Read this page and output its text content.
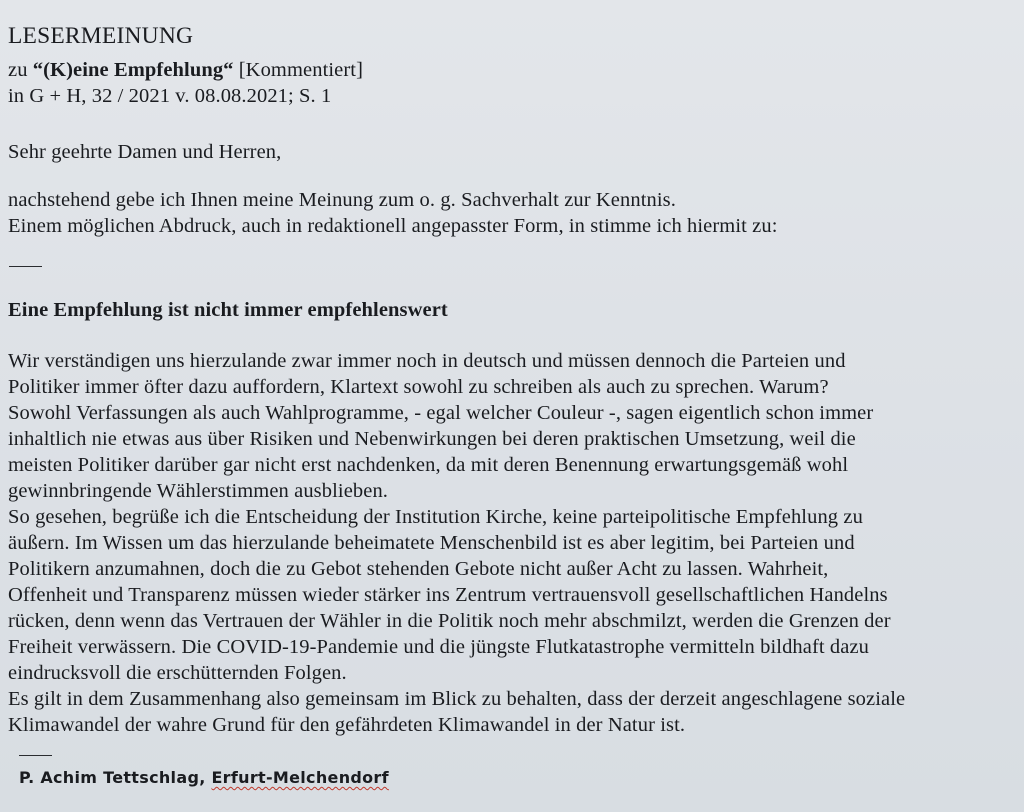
LESERMEINUNG
zu “(K)eine Empfehlung“ [Kommentiert]
in G + H, 32 / 2021 v. 08.08.2021; S. 1
Sehr geehrte Damen und Herren,
nachstehend gebe ich Ihnen meine Meinung zum o. g. Sachverhalt zur Kenntnis.
Einem möglichen Abdruck, auch in redaktionell angepasster Form, in stimme ich hiermit zu:
Eine Empfehlung ist nicht immer empfehlenswert
Wir verständigen uns hierzulande zwar immer noch in deutsch und müssen dennoch die Parteien und
Politiker immer öfter dazu auffordern, Klartext sowohl zu schreiben als auch zu sprechen. Warum?
Sowohl Verfassungen als auch Wahlprogramme, - egal welcher Couleur -, sagen eigentlich schon immer
inhaltlich nie etwas aus über Risiken und Nebenwirkungen bei deren praktischen Umsetzung, weil die
meisten Politiker darüber gar nicht erst nachdenken, da mit deren Benennung erwartungsgemäß wohl
gewinnbringende Wählerstimmen ausblieben.
So gesehen, begrüße ich die Entscheidung der Institution Kirche, keine parteipolitische Empfehlung zu
äußern. Im Wissen um das hierzulande beheimatete Menschenbild ist es aber legitim, bei Parteien und
Politikern anzumahnen, doch die zu Gebot stehenden Gebote nicht außer Acht zu lassen. Wahrheit,
Offenheit und Transparenz müssen wieder stärker ins Zentrum vertrauensvoll gesellschaftlichen Handelns
rücken, denn wenn das Vertrauen der Wähler in die Politik noch mehr abschmilzt, werden die Grenzen der
Freiheit verwässern. Die COVID-19-Pandemie und die jüngste Flutkatastrophe vermitteln bildhaft dazu
eindrucksvoll die erschütternden Folgen.
Es gilt in dem Zusammenhang also gemeinsam im Blick zu behalten, dass der derzeit angeschlagene soziale
Klimawandel der wahre Grund für den gefährdeten Klimawandel in der Natur ist.
P. Achim Tettschlag, Erfurt-Melchendorf
